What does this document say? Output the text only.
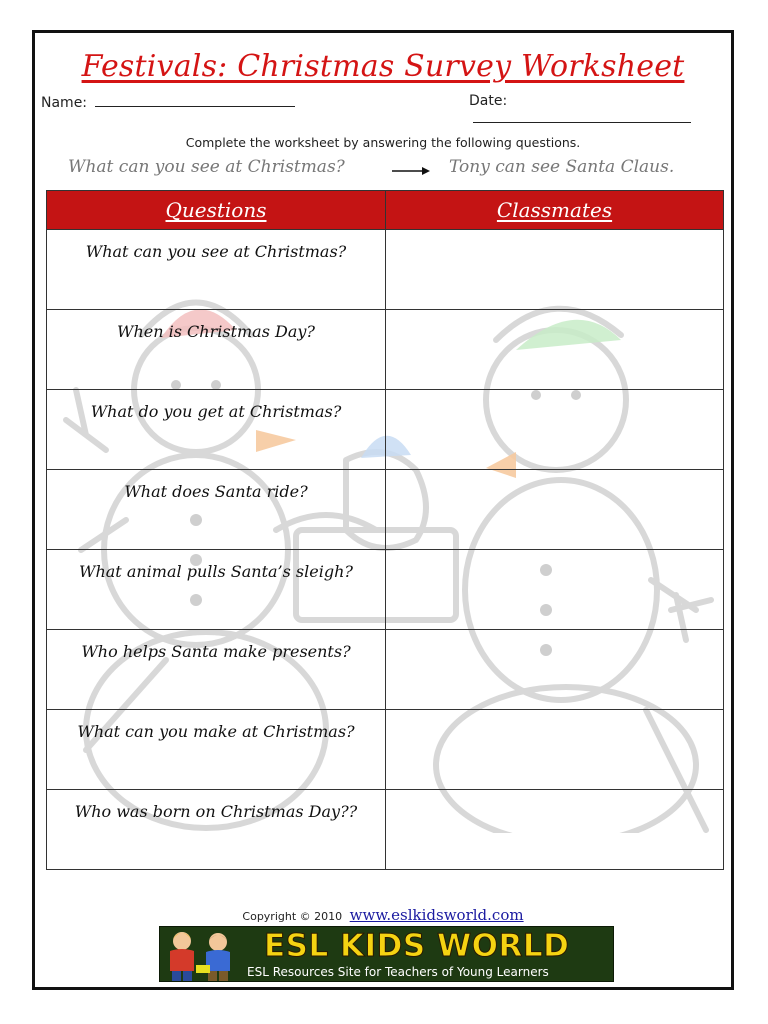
Festivals: Christmas Survey Worksheet
Name:	Date:
Complete the worksheet by answering the following questions.
What can you see at Christmas?	Tony can see Santa Claus.
Questions	Classmates
What can you see at Christmas?	
When is Christmas Day?	
What do you get at Christmas?	
What does Santa ride?	
What animal pulls Santa’s sleigh?	
Who helps Santa make presents?	
What can you make at Christmas?	
Who was born on Christmas Day??	
Copyright © 2010 www.eslkidsworld.com
ESL KIDS WORLD
ESL Resources Site for Teachers of Young Learners
